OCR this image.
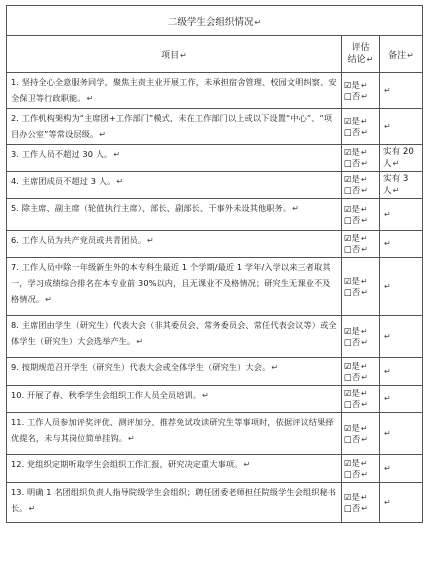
二级学生会组织情况↵		
项目↵	评估
结论↵	备注↵
1. 坚持全心全意服务同学，聚焦主责主业开展工作，未承担宿舍管理、校园文明纠察、安全保卫等行政职能。↵	☑是↵
□否↵	↵
2. 工作机构架构为“主席团+工作部门”模式，未在工作部门以上或以下设置“中心”、“项目办公室”等常设层级。↵	☑是↵
□否↵	↵
3. 工作人员不超过 30 人。↵	☑是↵
□否↵	实有 20 人↵
4. 主席团成员不超过 3 人。↵	☑是↵
□否↵	实有 3 人↵
5. 除主席、副主席（轮值执行主席）、部长、副部长、干事外未设其他职务。↵	☑是↵
□否↵	↵
6. 工作人员为共产党员或共青团员。↵	☑是↵
□否↵	↵
7. 工作人员中除一年级新生外的本专科生最近 1 个学期/最近 1 学年/入学以来三者取其一，学习成绩综合排名在本专业前 30%以内，且无课业不及格情况；研究生无课业不及格情况。↵	☑是↵
□否↵	↵
8. 主席团由学生（研究生）代表大会（非其委员会、常务委员会、常任代表会议等）或全体学生（研究生）大会选举产生。↵	☑是↵
□否↵	↵
9. 按期规范召开学生（研究生）代表大会或全体学生（研究生）大会。↵	☑是↵
□否↵	↵
10. 开展了春、秋季学生会组织工作人员全员培训。↵	☑是↵
□否↵	↵
11. 工作人员参加评奖评优、测评加分、推荐免试攻读研究生等事项时，依据评议结果择优提名，未与其岗位简单挂钩。↵	☑是↵
□否↵	↵
12. 党组织定期听取学生会组织工作汇报，研究决定重大事项。↵	☑是↵
□否↵	↵
13. 明确 1 名团组织负责人指导院级学生会组织；聘任团委老师担任院级学生会组织秘书长。↵	☑是↵
□否↵	↵
